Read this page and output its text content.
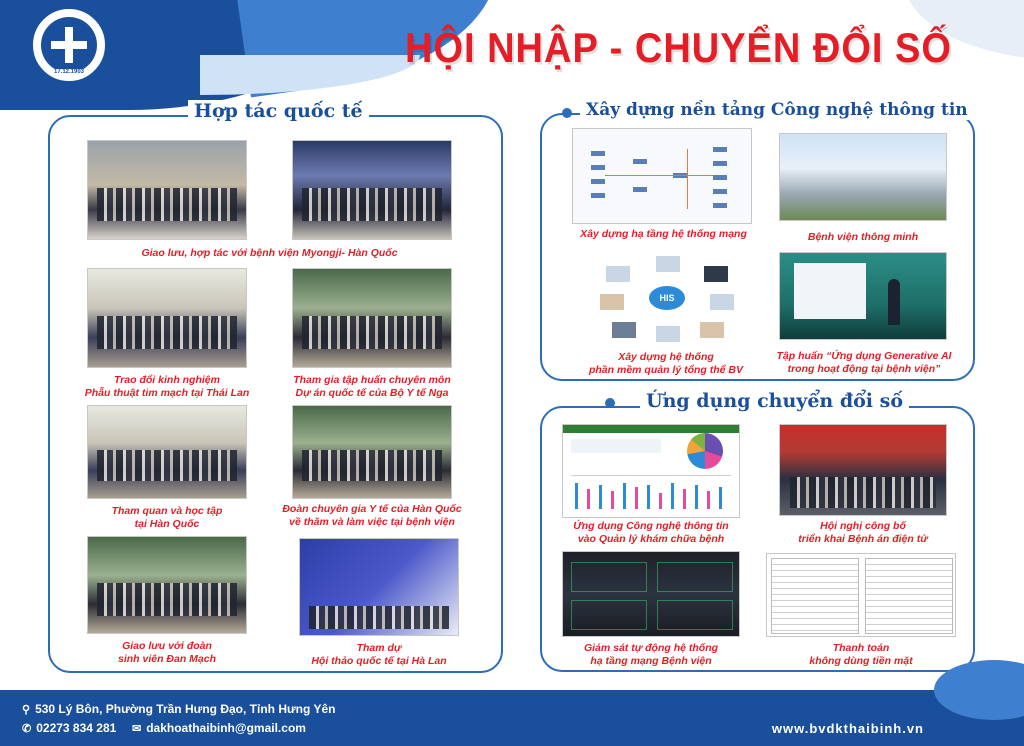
17.12.1903	HỘI NHẬP - CHUYỂN ĐỔI SỐ
Hợp tác quốc tế
Giao lưu, hợp tác với bệnh viện Myongji- Hàn Quốc
Trao đổi kinh nghiệm
Phẫu thuật tim mạch tại Thái Lan
Tham gia tập huấn chuyên môn
Dự án quốc tế của Bộ Y tế Nga
Tham quan và học tập
tại Hàn Quốc
Đoàn chuyên gia Y tế của Hàn Quốc
về thăm và làm việc tại bệnh viện
Giao lưu với đoàn
sinh viên Đan Mạch
Tham dự
Hội thảo quốc tế tại Hà Lan
Xây dựng nền tảng Công nghệ thông tin
Xây dựng hạ tầng hệ thống mạng	Bệnh viện thông minh
HIS
Xây dựng hệ thống
phần mềm quản lý tổng thể BV
Tập huấn “Ứng dụng Generative AI
trong hoạt động tại bệnh viện”
Ứng dụng chuyển đổi số
Ứng dụng Công nghệ thông tin
vào Quản lý khám chữa bệnh
Hội nghị công bố
triển khai Bệnh án điện tử
Giám sát tự động hệ thống
hạ tầng mạng Bệnh viện
Thanh toán
không dùng tiền mặt
⚲ 530 Lý Bôn, Phường Trần Hưng Đạo, Tỉnh Hưng Yên
✆ 02273 834 281 ✉ dakhoathaibinh@gmail.com	www.bvdkthaibinh.vn
